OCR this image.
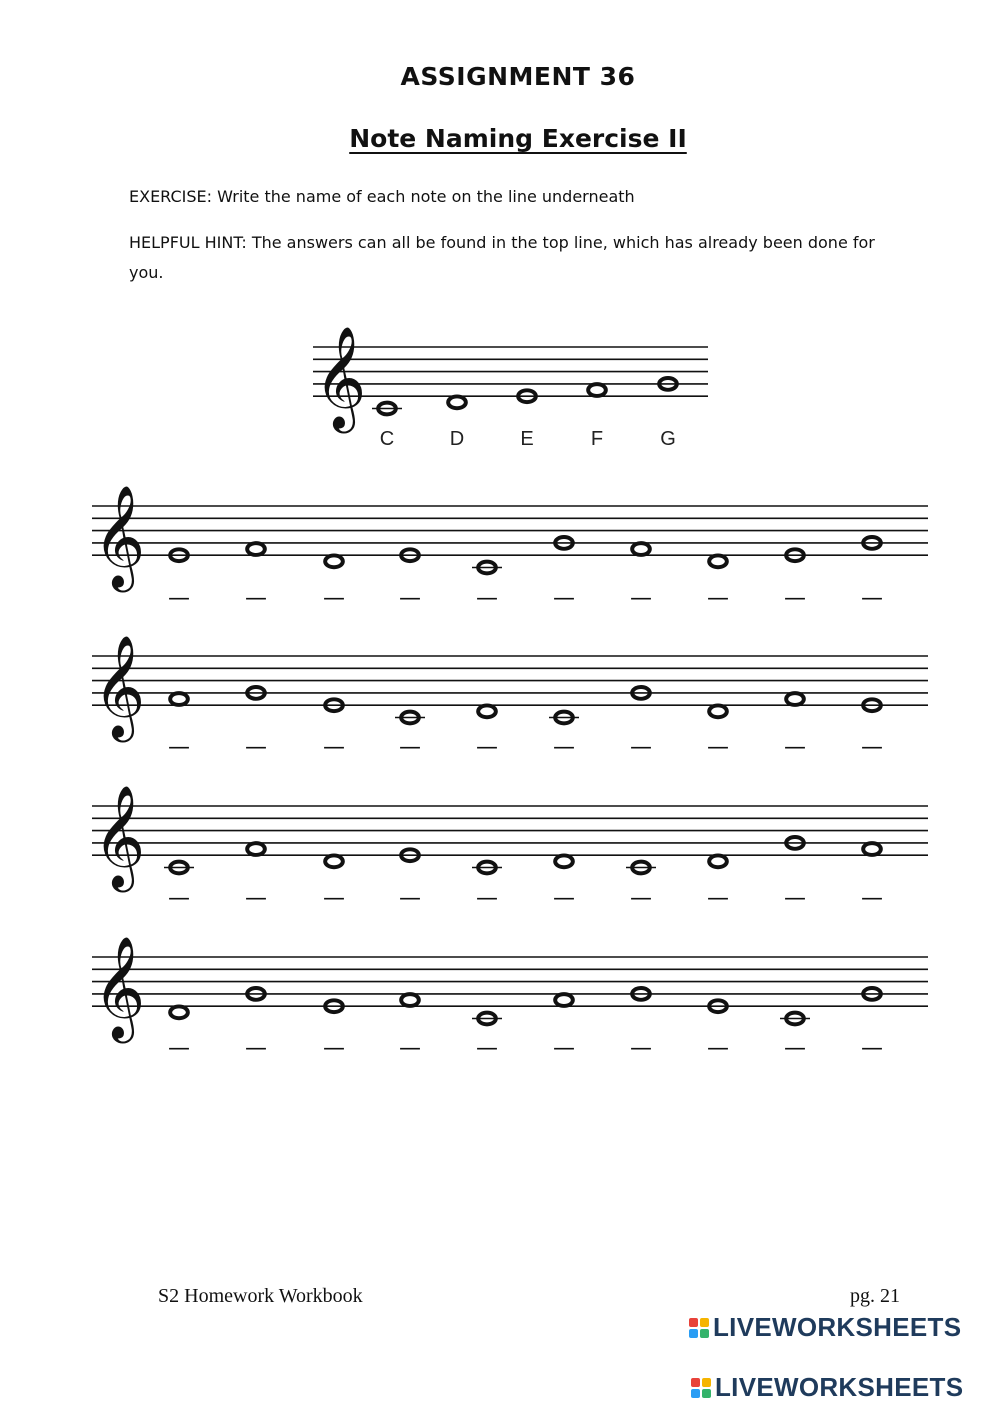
ASSIGNMENT 36
Note Naming Exercise II
EXERCISE: Write the name of each note on the line underneath
HELPFUL HINT: The answers can all be found in the top line, which has already been done for you.
𝄞
C	D	E	F	G
𝄞
—	—	— —	—	—	—	—	—	—
𝄞
—	—	— —	—	—	—	—	—	—
𝄞
—	—	— —	—	—	—	—	—	—
𝄞
—	—	— —	—	—	—	—	—	—
S2 Homework Workbook	pg. 21
LIVEWORKSHEETS
LIVEWORKSHEETS
